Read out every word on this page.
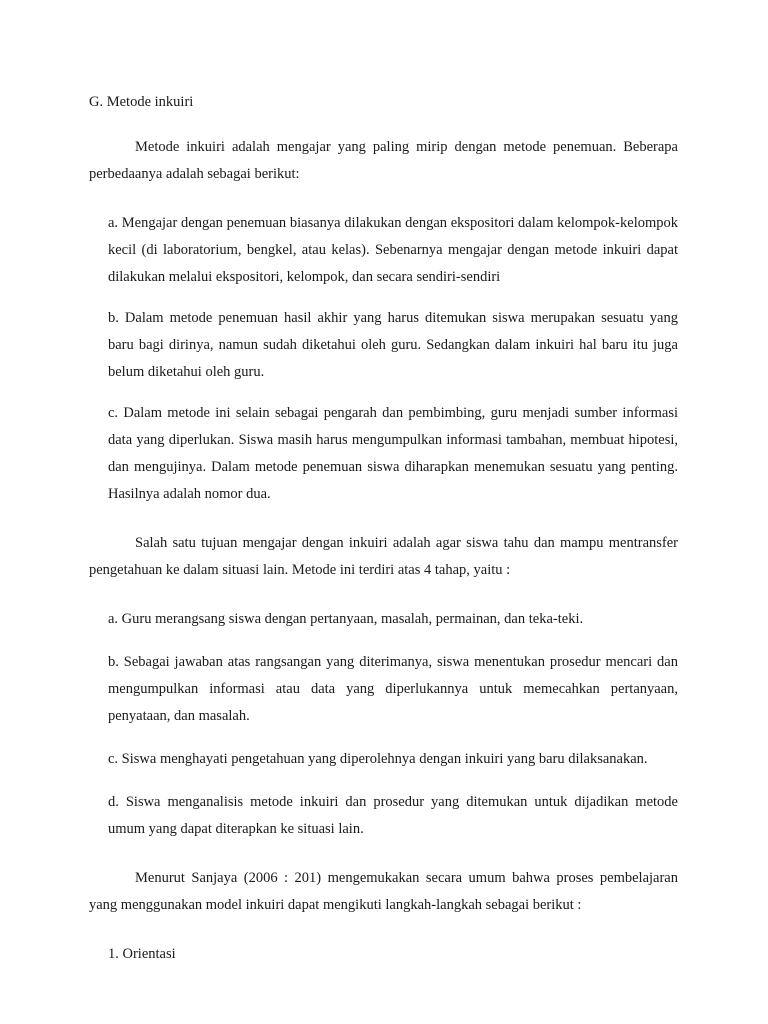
G. Metode inkuiri

Metode inkuiri adalah mengajar yang paling mirip dengan metode penemuan. Beberapa perbedaanya adalah sebagai berikut:

a. Mengajar dengan penemuan biasanya dilakukan dengan ekspositori dalam kelompok-kelompok kecil (di laboratorium, bengkel, atau kelas). Sebenarnya mengajar dengan metode inkuiri dapat dilakukan melalui ekspositori, kelompok, dan secara sendiri-sendiri

b. Dalam metode penemuan hasil akhir yang harus ditemukan siswa merupakan sesuatu yang baru bagi dirinya, namun sudah diketahui oleh guru. Sedangkan dalam inkuiri hal baru itu juga belum diketahui oleh guru.

c. Dalam metode ini selain sebagai pengarah dan pembimbing, guru menjadi sumber informasi data yang diperlukan. Siswa masih harus mengumpulkan informasi tambahan, membuat hipotesi, dan mengujinya. Dalam metode penemuan siswa diharapkan menemukan sesuatu yang penting. Hasilnya adalah nomor dua.

Salah satu tujuan mengajar dengan inkuiri adalah agar siswa tahu dan mampu mentransfer pengetahuan ke dalam situasi lain. Metode ini terdiri atas 4 tahap, yaitu :

a. Guru merangsang siswa dengan pertanyaan, masalah, permainan, dan teka-teki.

b. Sebagai jawaban atas rangsangan yang diterimanya, siswa menentukan prosedur mencari dan mengumpulkan informasi atau data yang diperlukannya untuk memecahkan pertanyaan, penyataan, dan masalah.

c. Siswa menghayati pengetahuan yang diperolehnya dengan inkuiri yang baru dilaksanakan.

d. Siswa menganalisis metode inkuiri dan prosedur yang ditemukan untuk dijadikan metode umum yang dapat diterapkan ke situasi lain.

Menurut Sanjaya (2006 : 201) mengemukakan secara umum bahwa proses pembelajaran yang menggunakan model inkuiri dapat mengikuti langkah-langkah sebagai berikut :

1. Orientasi
